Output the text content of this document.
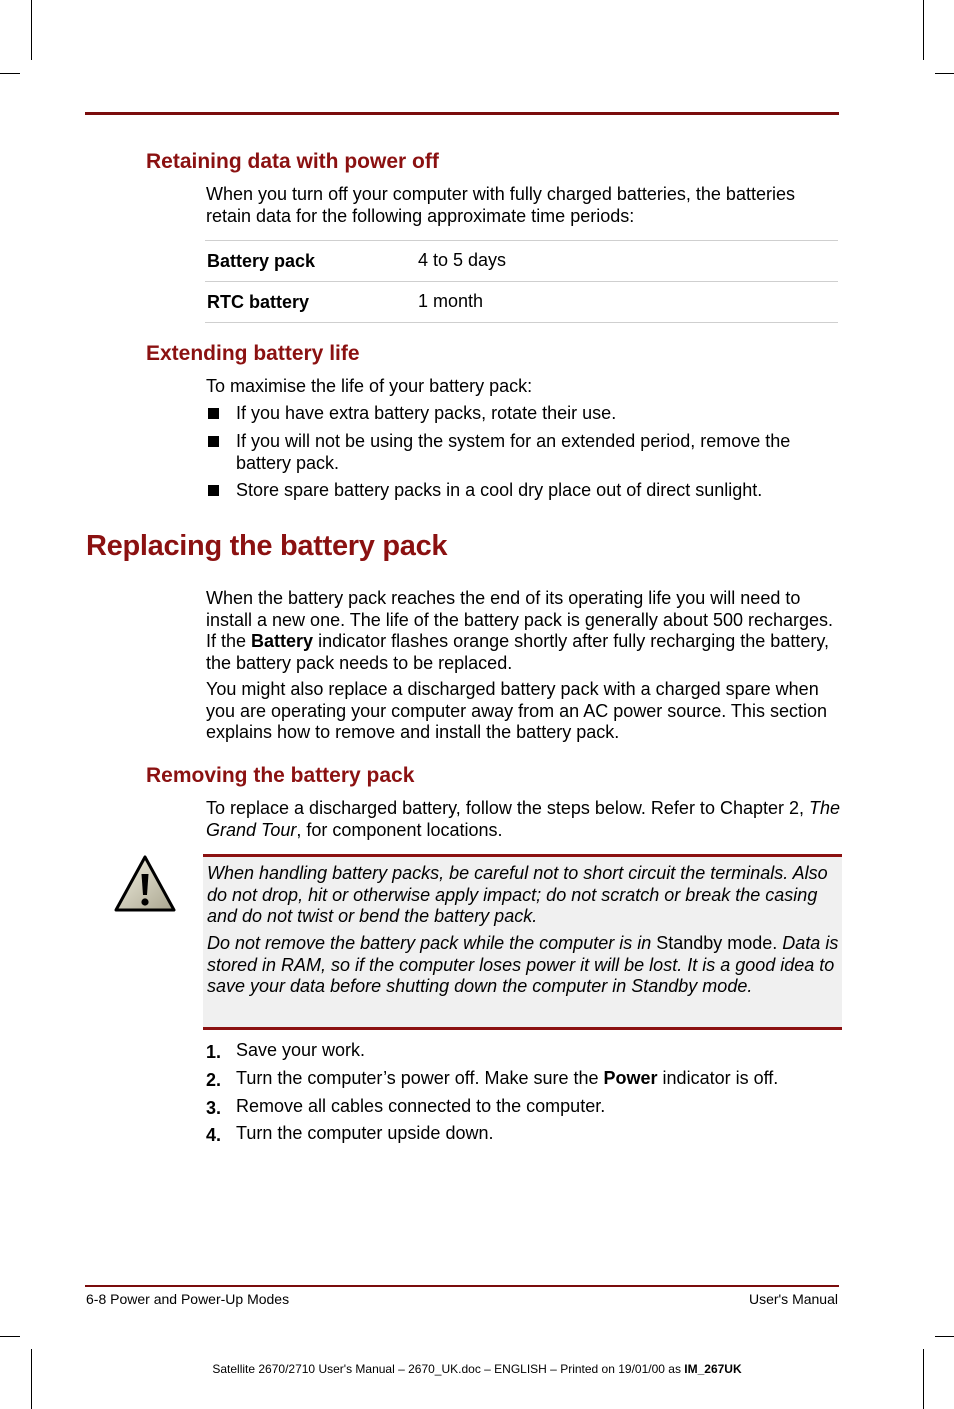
Retaining data with power off

When you turn off your computer with fully charged batteries, the batteries retain data for the following approximate time periods:

Battery pack	4 to 5 days
RTC battery	1 month
Extending battery life

To maximise the life of your battery pack:

If you have extra battery packs, rotate their use.
If you will not be using the system for an extended period, remove the battery pack.
Store spare battery packs in a cool dry place out of direct sunlight.
Replacing the battery pack

When the battery pack reaches the end of its operating life you will need to install a new one. The life of the battery pack is generally about 500 recharges. If the Battery indicator flashes orange shortly after fully recharging the battery, the battery pack needs to be replaced.

You might also replace a discharged battery pack with a charged spare when you are operating your computer away from an AC power source. This section explains how to remove and install the battery pack.

Removing the battery pack

To replace a discharged battery, follow the steps below. Refer to Chapter 2, The Grand Tour, for component locations.

When handling battery packs, be careful not to short circuit the terminals. Also do not drop, hit or otherwise apply impact; do not scratch or break the casing and do not twist or bend the battery pack.

Do not remove the battery pack while the computer is in Standby mode. Data is stored in RAM, so if the computer loses power it will be lost. It is a good idea to save your data before shutting down the computer in Standby mode.

1. Save your work.
2. Turn the computer’s power off. Make sure the Power indicator is off.
3. Remove all cables connected to the computer.
4. Turn the computer upside down.
6-8 Power and Power-Up Modes	User's Manual
Satellite 2670/2710 User's Manual – 2670_UK.doc – ENGLISH – Printed on 19/01/00 as IM_267UK
